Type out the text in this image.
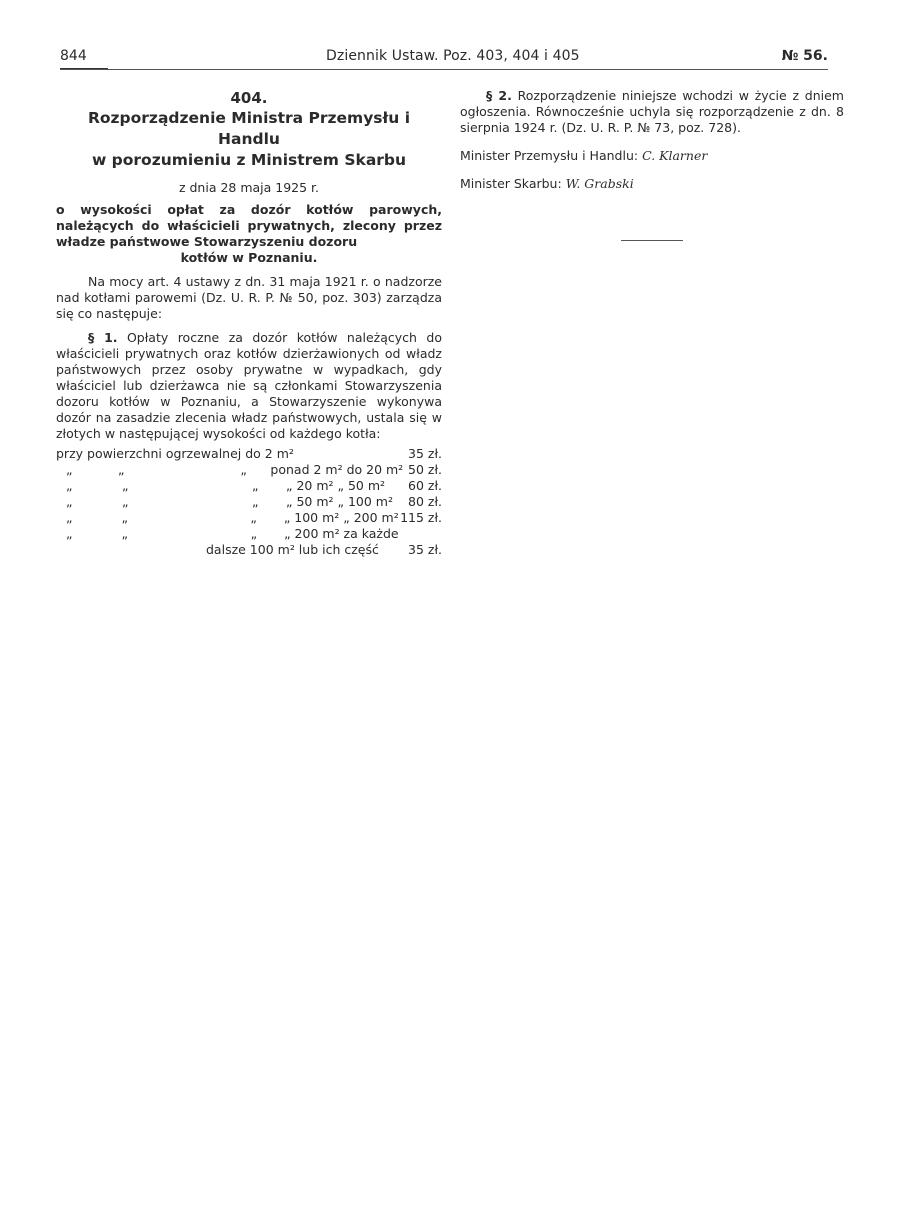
844	Dziennik Ustaw. Poz. 403, 404 i 405	№ 56.
404.
Rozporządzenie Ministra Przemysłu i Handlu
w porozumieniu z Ministrem Skarbu
z dnia 28 maja 1925 r.
o wysokości opłat za dozór kotłów parowych, należących do właścicieli prywatnych, zlecony przez władze państwowe Stowarzyszeniu dozoru
kotłów w Poznaniu.
Na mocy art. 4 ustawy z dn. 31 maja 1921 r. o nadzorze nad kotłami parowemi (Dz. U. R. P. № 50, poz. 303) zarządza się co następuje:
§ 1. Opłaty roczne za dozór kotłów należących do właścicieli prywatnych oraz kotłów dzierżawionych od władz państwowych przez osoby prywatne w wypadkach, gdy właściciel lub dzierżawca nie są członkami Stowarzyszenia dozoru kotłów w Poznaniu, a Stowarzyszenie wykonywa dozór na zasadzie zlecenia władz państwowych, ustala się w złotych w następującej wysokości od każdego kotła:
przy powierzchni ogrzewalnej do 2 m²	35 zł.
„	„	„	ponad 2 m² do 20 m² 50 zł.
„	„	„	„ 20 m² „ 50 m²	60 zł.
„	„	„	„ 50 m² „ 100 m²	80 zł.
„	„	„	„ 100 m² „ 200 m² 115 zł.
„	„	„	„ 200 m² za każde
dalsze 100 m² lub ich część	35 zł.
§ 2. Rozporządzenie niniejsze wchodzi w życie z dniem ogłoszenia. Równocześnie uchyla się rozporządzenie z dn. 8 sierpnia 1924 r. (Dz. U. R. P. № 73, poz. 728).
Minister Przemysłu i Handlu: C. Klarner
Minister Skarbu: W. Grabski
